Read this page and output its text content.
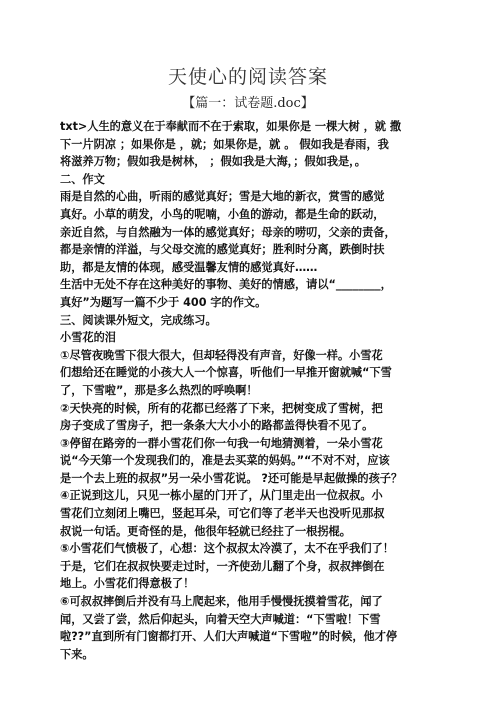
天使心的阅读答案
【篇一：试卷题.doc】
txt>人生的意义在于奉献而不在于索取，如果你是 一棵大树 ，就 撒
下一片阴凉 ；如果你是 ，就；如果你是，就 。 假如我是春雨，我
将滋养万物；假如我是树林， ；假如我是大海，；假如我是，。
二、作文
雨是自然的心曲，听雨的感觉真好；雪是大地的新衣，赏雪的感觉
真好。小草的萌发，小鸟的呢喃，小鱼的游动，都是生命的跃动，
亲近自然，与自然融为一体的感觉真好；母亲的唠叨，父亲的责备，
都是亲情的洋溢，与父母交流的感觉真好；胜利时分离，跌倒时扶
助，都是友情的体现，感受温馨友情的感觉真好……
生活中无处不存在这种美好的事物、美好的情感，请以“________，
真好”为题写一篇不少于 400 字的作文。
三、阅读课外短文，完成练习。
小雪花的泪
①尽管夜晚雪下很大很大，但却轻得没有声音，好像一样。小雪花
们想给还在睡觉的小孩大人一个惊喜，听他们一早推开窗就喊“下雪
了，下雪啦”，那是多么热烈的呼唤啊！
②天快亮的时候，所有的花都已经落了下来，把树变成了雪树，把
房子变成了雪房子，把一条条大大小小的路都盖得快看不见了。
③停留在路旁的一群小雪花们你一句我一句地猜测着，一朵小雪花
说“今天第一个发现我们的，准是去买菜的妈妈。”“不对不对，应该
是一个去上班的叔叔”另一朵小雪花说。 ?还可能是早起做操的孩子？
④正说到这儿，只见一栋小屋的门开了，从门里走出一位叔叔。小
雪花们立刻闭上嘴巴，竖起耳朵，可它们等了老半天也没听见那叔
叔说一句话。更奇怪的是，他很年轻就已经拄了一根拐棍。
⑤小雪花们气愤极了，心想：这个叔叔太冷漠了，太不在乎我们了！
于是，它们在叔叔快要走过时，一齐使劲儿翻了个身，叔叔摔倒在
地上。小雪花们得意极了！
⑥可叔叔摔倒后并没有马上爬起来，他用手慢慢抚摸着雪花，闻了
闻，又尝了尝，然后仰起头，向着天空大声喊道：“下雪啦！下雪
啦??”直到所有门窗都打开、人们大声喊道“下雪啦”的时候，他才停
下来。
